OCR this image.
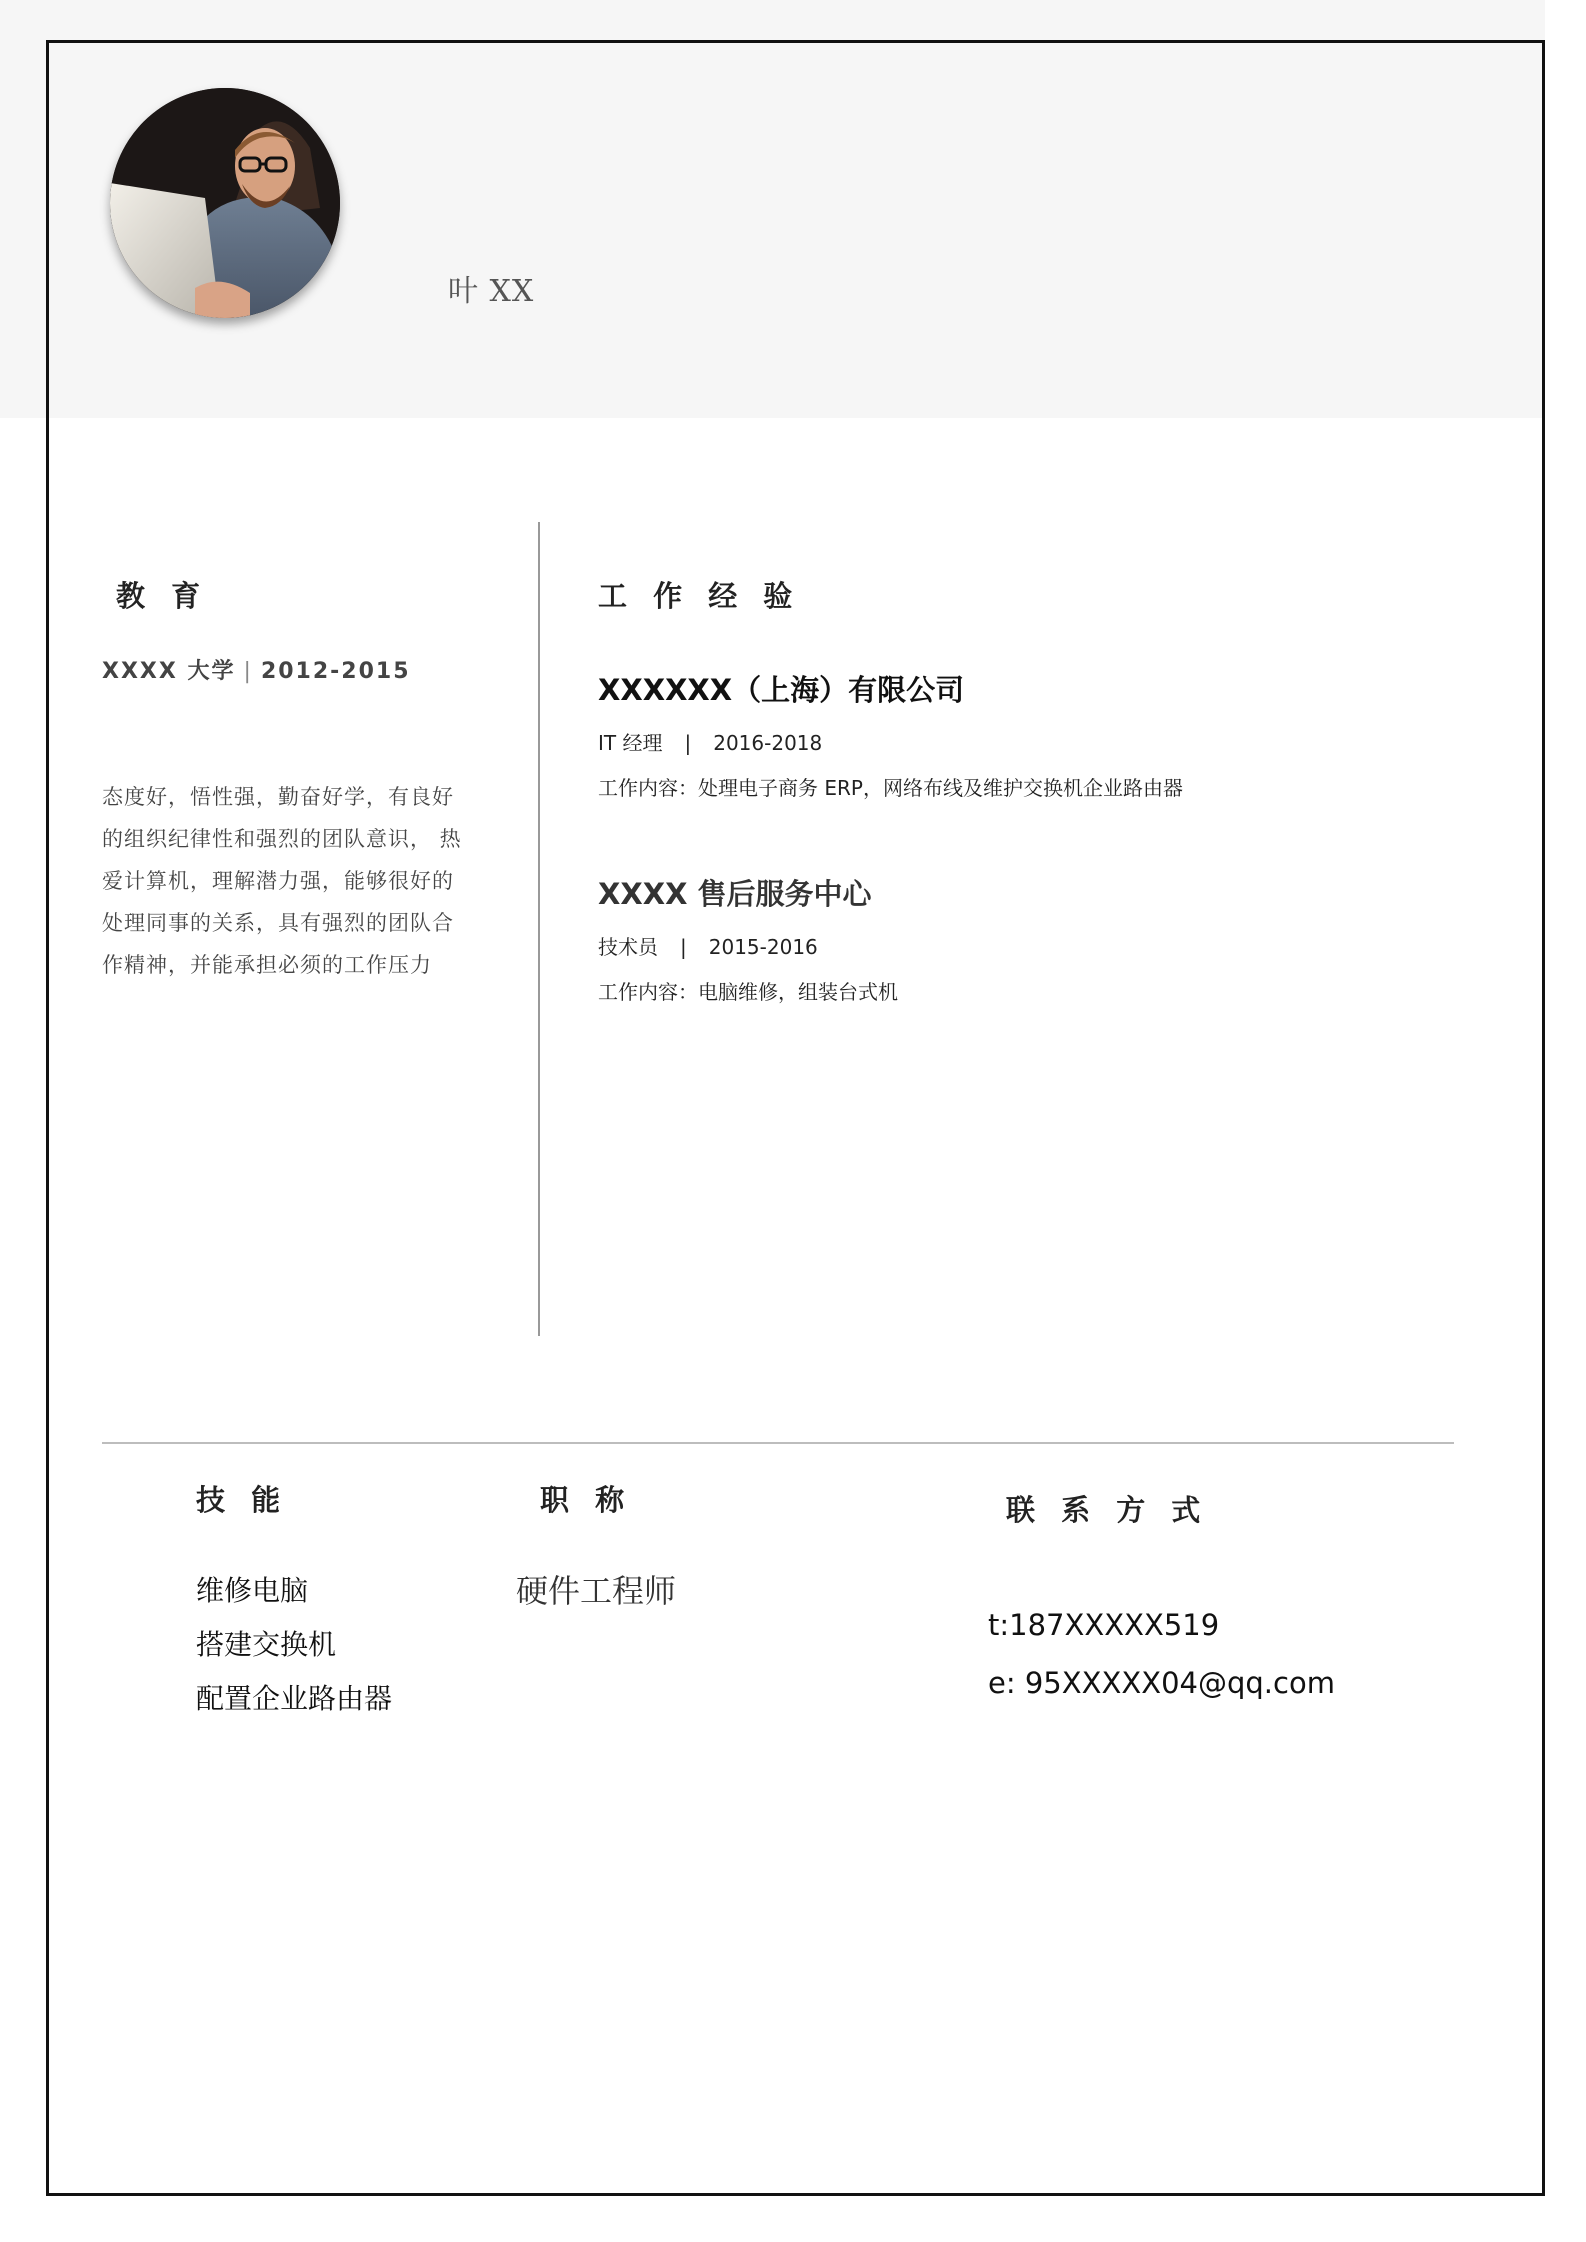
叶 XX
教 育
XXXX 大学 | 2012-2015

态度好，悟性强，勤奋好学，有良好的组织纪律性和强烈的团队意识， 热爱计算机，理解潜力强，能够很好的处理同事的关系，具有强烈的团队合作精神，并能承担必须的工作压力

工 作 经 验

XXXXXX（上海）有限公司

IT 经理 | 2016-2018
工作内容：处理电子商务 ERP，网络布线及维护交换机企业路由器

XXXX 售后服务中心

技术员 | 2015-2016
工作内容：电脑维修，组装台式机
技 能
维修电脑
搭建交换机
配置企业路由器
职 称
硬件工程师
联 系 方 式
t:187XXXXX519
e: 95XXXXX04@qq.com
